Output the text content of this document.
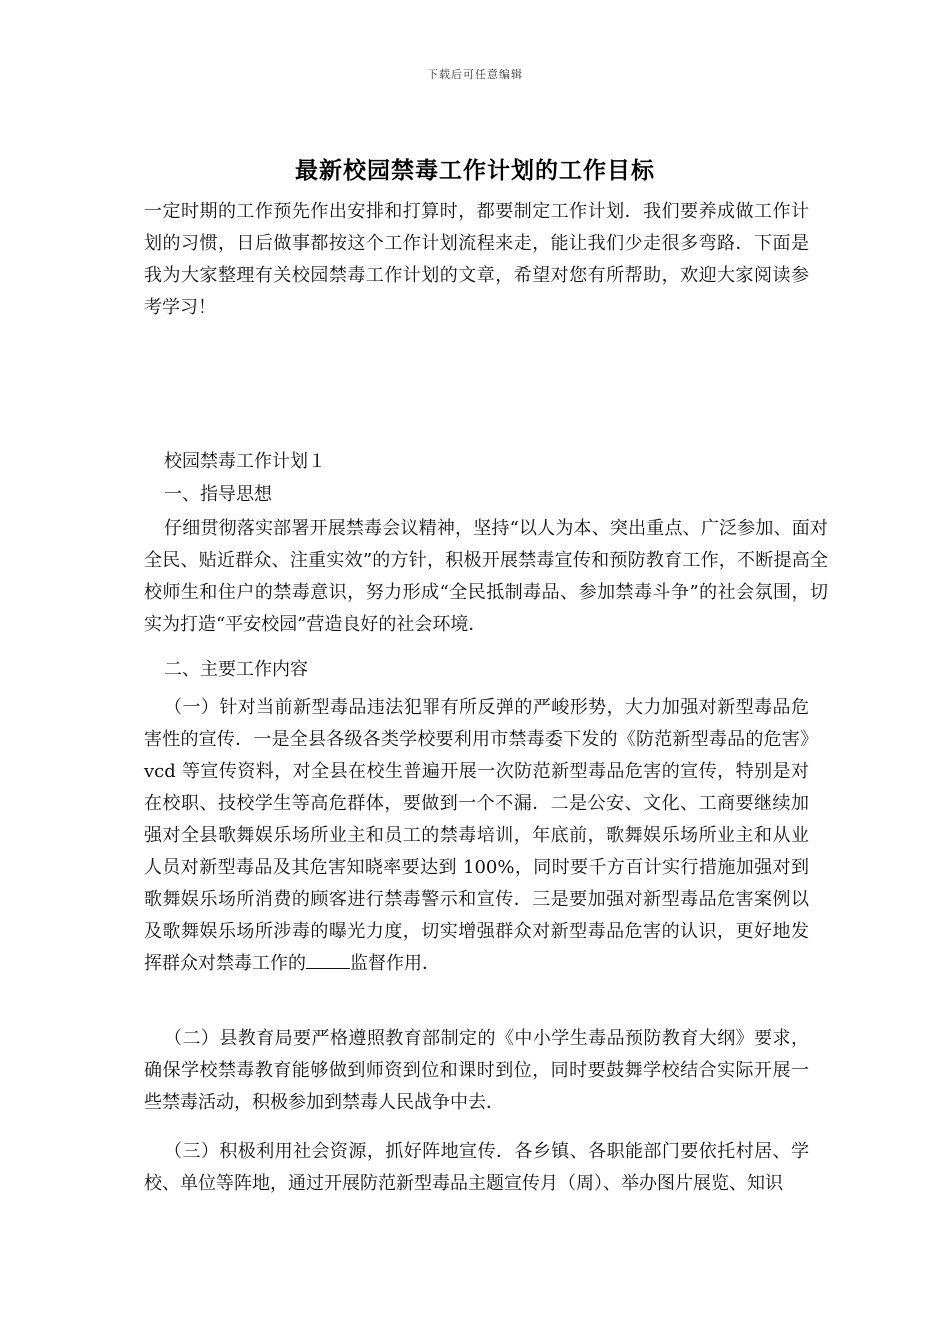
下载后可任意编辑
最新校园禁毒工作计划的工作目标

一定时期的工作预先作出安排和打算时，都要制定工作计划．我们要养成做工作计划的习惯，日后做事都按这个工作计划流程来走，能让我们少走很多弯路．下面是我为大家整理有关校园禁毒工作计划的文章，希望对您有所帮助，欢迎大家阅读参考学习！

校园禁毒工作计划１

一、指导思想

仔细贯彻落实部署开展禁毒会议精神，坚持“以人为本、突出重点、广泛参加、面对全民、贴近群众、注重实效”的方针，积极开展禁毒宣传和预防教育工作，不断提高全校师生和住户的禁毒意识，努力形成“全民抵制毒品、参加禁毒斗争”的社会氛围，切实为打造“平安校园”营造良好的社会环境．

二、主要工作内容

（一）针对当前新型毒品违法犯罪有所反弹的严峻形势，大力加强对新型毒品危害性的宣传．一是全县各级各类学校要利用市禁毒委下发的《防范新型毒品的危害》vcd 等宣传资料，对全县在校生普遍开展一次防范新型毒品危害的宣传，特别是对在校职、技校学生等高危群体，要做到一个不漏．二是公安、文化、工商要继续加强对全县歌舞娱乐场所业主和员工的禁毒培训，年底前，歌舞娱乐场所业主和从业人员对新型毒品及其危害知晓率要达到 100%，同时要千方百计实行措施加强对到歌舞娱乐场所消费的顾客进行禁毒警示和宣传．三是要加强对新型毒品危害案例以及歌舞娱乐场所涉毒的曝光力度，切实增强群众对新型毒品危害的认识，更好地发挥群众对禁毒工作的 监督作用．

（二）县教育局要严格遵照教育部制定的《中小学生毒品预防教育大纲》要求，确保学校禁毒教育能够做到师资到位和课时到位，同时要鼓舞学校结合实际开展一些禁毒活动，积极参加到禁毒人民战争中去．

（三）积极利用社会资源，抓好阵地宣传．各乡镇、各职能部门要依托村居、学校、单位等阵地，通过开展防范新型毒品主题宣传月（周）、举办图片展览、知识
